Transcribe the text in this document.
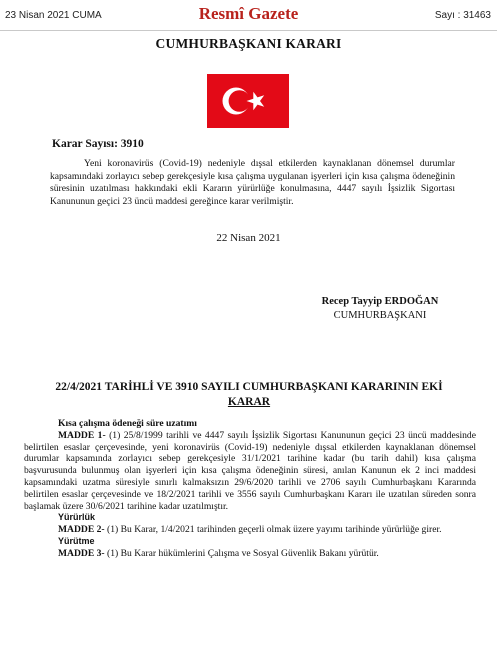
23 Nisan 2021 CUMA	Resmî Gazete	Sayı : 31463
CUMHURBAŞKANI KARARI
Karar Sayısı: 3910
Yeni koronavirüs (Covid-19) nedeniyle dışsal etkilerden kaynaklanan dönemsel durumlar kapsamındaki zorlayıcı sebep gerekçesiyle kısa çalışma uygulanan işyerleri için kısa çalışma ödeneğinin süresinin uzatılması hakkındaki ekli Kararın yürürlüğe konulmasına, 4447 sayılı İşsizlik Sigortası Kanununun geçici 23 üncü maddesi gereğince karar verilmiştir.
22 Nisan 2021
Recep Tayyip ERDOĞAN
CUMHURBAŞKANI
22/4/2021 TARİHLİ VE 3910 SAYILI CUMHURBAŞKANI KARARININ EKİ
KARAR

Kısa çalışma ödeneği süre uzatımı

MADDE 1- (1) 25/8/1999 tarihli ve 4447 sayılı İşsizlik Sigortası Kanununun geçici 23 üncü maddesinde belirtilen esaslar çerçevesinde, yeni koronavirüs (Covid-19) nedeniyle dışsal etkilerden kaynaklanan dönemsel durumlar kapsamında zorlayıcı sebep gerekçesiyle 31/1/2021 tarihine kadar (bu tarih dahil) kısa çalışma başvurusunda bulunmuş olan işyerleri için kısa çalışma ödeneğinin süresi, anılan Kanunun ek 2 inci maddesi kapsamındaki uzatma süresiyle sınırlı kalmaksızın 29/6/2020 tarihli ve 2706 sayılı Cumhurbaşkanı Kararında belirtilen esaslar çerçevesinde ve 18/2/2021 tarihli ve 3556 sayılı Cumhurbaşkanı Kararı ile uzatılan süreden sonra başlamak üzere 30/6/2021 tarihine kadar uzatılmıştır.

Yürürlük

MADDE 2- (1) Bu Karar, 1/4/2021 tarihinden geçerli olmak üzere yayımı tarihinde yürürlüğe girer.

Yürütme

MADDE 3- (1) Bu Karar hükümlerini Çalışma ve Sosyal Güvenlik Bakanı yürütür.
